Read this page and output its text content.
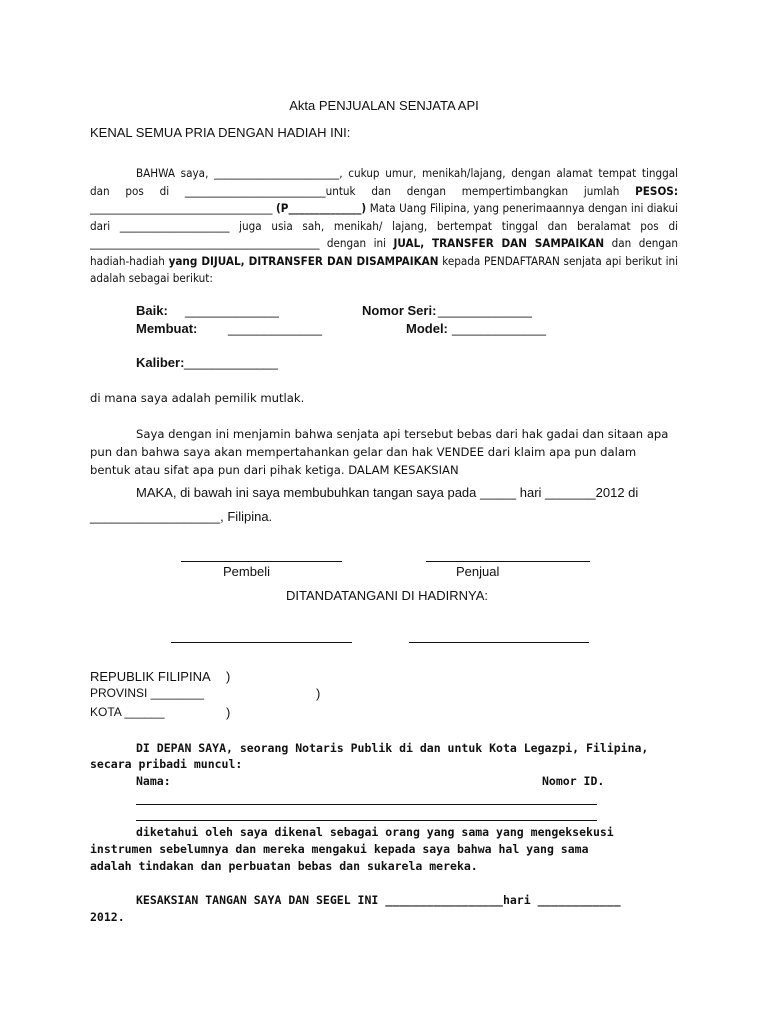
Akta PENJUALAN SENJATA API
KENAL SEMUA PRIA DENGAN HADIAH INI:
BAHWA saya, ________________________, cukup umur, menikah/lajang, dengan alamat tempat tinggal dan pos di ___________________________untuk dan dengan mempertimbangkan jumlah PESOS: ___________________________________ (P______________) Mata Uang Filipina, yang penerimaannya dengan ini diakui dari _____________________ juga usia sah, menikah/ lajang, bertempat tinggal dan beralamat pos di ____________________________________________ dengan ini JUAL, TRANSFER DAN SAMPAIKAN dan dengan hadiah-hadiah yang DIJUAL, DITRANSFER DAN DISAMPAIKAN kepada PENDAFTARAN senjata api berikut ini adalah sebagai berikut:
Baik: _____________	Nomor Seri: _____________
Membuat: _____________	Model: _____________
Kaliber: _____________
di mana saya adalah pemilik mutlak.
Saya dengan ini menjamin bahwa senjata api tersebut bebas dari hak gadai dan sitaan apa pun dan bahwa saya akan mempertahankan gelar dan hak VENDEE dari klaim apa pun dalam bentuk atau sifat apa pun dari pihak ketiga. DALAM KESAKSIAN
MAKA, di bawah ini saya membubuhkan tangan saya pada _____ hari _______2012 di
__________________, Filipina.
Pembeli	Penjual
DITANDATANGANI DI HADIRNYA:
REPUBLIK FILIPINA )
PROVINSI ________	)
KOTA ______	)
DI DEPAN SAYA, seorang Notaris Publik di dan untuk Kota Legazpi, Filipina,
secara pribadi muncul:
Nama:	Nomor ID.
diketahui oleh saya dikenal sebagai orang yang sama yang mengeksekusi
instrumen sebelumnya dan mereka mengakui kepada saya bahwa hal yang sama
adalah tindakan dan perbuatan bebas dan sukarela mereka.
KESAKSIAN TANGAN SAYA DAN SEGEL INI _________________hari ____________
2012.
